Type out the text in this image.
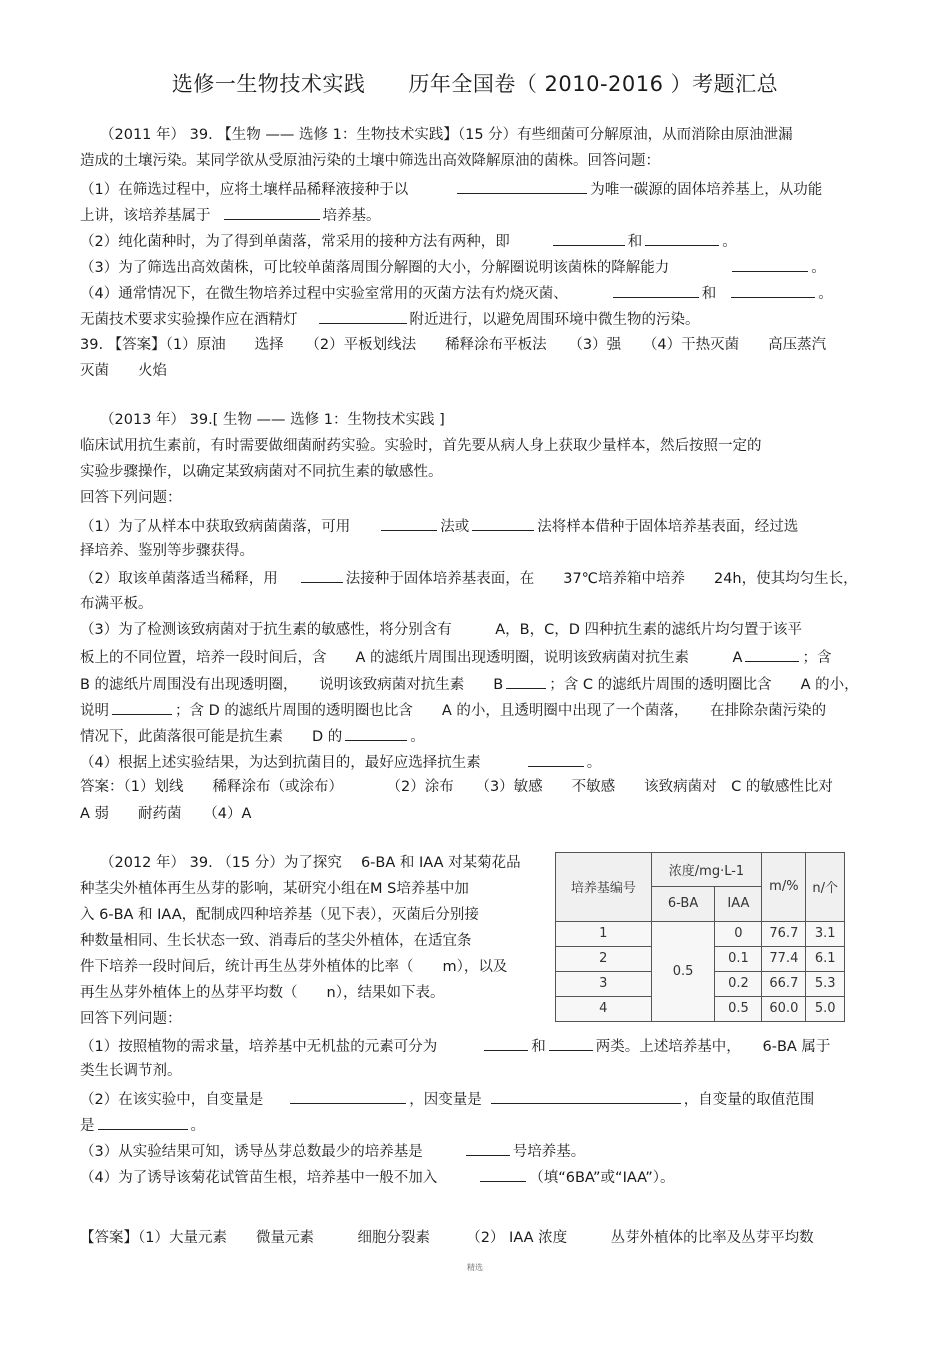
选修一生物技术实践　　历年全国卷（ 2010-2016 ）考题汇总
（2011 年） 39. 【生物 —— 选修 1：生物技术实践】（15 分）有些细菌可分解原油，从而消除由原油泄漏
造成的土壤污染。某同学欲从受原油污染的土壤中筛选出高效降解原油的菌株。回答问题：
（1）在筛选过程中，应将土壤样品稀释液接种于以	为唯一碳源的固体培养基上，从功能
上讲，该培养基属于	培养基。
（2）纯化菌种时，为了得到单菌落，常采用的接种方法有两种，即	和	。
（3）为了筛选出高效菌株，可比较单菌落周围分解圈的大小，分解圈说明该菌株的降解能力	。
（4）通常情况下，在微生物培养过程中实验室常用的灭菌方法有灼烧灭菌、	和	。
无菌技术要求实验操作应在酒精灯	附近进行，以避免周围环境中微生物的污染。
39. 【答案】（1）原油　　选择　　（2）平板划线法　　稀释涂布平板法　　（3）强　　（4）干热灭菌　　高压蒸汽
灭菌　　火焰
（2013 年） 39.[ 生物 —— 选修 1：生物技术实践 ]
临床试用抗生素前，有时需要做细菌耐药实验。实验时，首先要从病人身上获取少量样本，然后按照一定的
实验步骤操作，以确定某致病菌对不同抗生素的敏感性。
回答下列问题：
（1）为了从样本中获取致病菌菌落，可用	法或	法将样本借种于固体培养基表面，经过选
择培养、鉴别等步骤获得。
（2）取该单菌落适当稀释，用	法接种于固体培养基表面，在　　37℃培养箱中培养　　24h，使其均匀生长，
布满平板。
（3）为了检测该致病菌对于抗生素的敏感性，将分别含有　　　A，B，C，D 四种抗生素的滤纸片均匀置于该平
板上的不同位置，培养一段时间后，含　　A 的滤纸片周围出现透明圈，说明该致病菌对抗生素　　　A	；含
B 的滤纸片周围没有出现透明圈，　　说明该致病菌对抗生素　　B	；含 C 的滤纸片周围的透明圈比含　　A 的小，
说明	；含 D 的滤纸片周围的透明圈也比含　　A 的小，且透明圈中出现了一个菌落，　　在排除杂菌污染的
情况下，此菌落很可能是抗生素　　D 的	。
（4）根据上述实验结果，为达到抗菌目的，最好应选择抗生素	。
答案：（1）划线　　稀释涂布（或涂布）　　　　（2）涂布　　（3）敏感　　不敏感　　该致病菌对　C 的敏感性比对
A 弱　　耐药菌　　（4）A
（2012 年） 39. （15 分）为了探究　 6-BA 和 IAA 对某菊花品
种茎尖外植体再生丛芽的影响，某研究小组在M S培养基中加
入 6-BA 和 IAA，配制成四种培养基（见下表），灭菌后分别接
种数量相同、生长状态一致、消毒后的茎尖外植体，在适宜条
件下培养一段时间后，统计再生丛芽外植体的比率（　　m），以及
再生丛芽外植体上的丛芽平均数（　　n），结果如下表。
回答下列问题：
培养基编号	浓度/mg·L-1		m/%	n/个
	6-BA	IAA		
1	0.5	0	76.7	3.1
2		0.1	77.4	6.1
3		0.2	66.7	5.3
4		0.5	60.0	5.0
（1）按照植物的需求量，培养基中无机盐的元素可分为	和	两类。上述培养基中，　　6-BA 属于
类生长调节剂。
（2）在该实验中，自变量是	，因变量是	，自变量的取值范围
是	。
（3）从实验结果可知，诱导丛芽总数最少的培养基是	号培养基。
（4）为了诱导该菊花试管苗生根，培养基中一般不加入	（填“6BA”或“IAA”）。
【答案】（1）大量元素　　微量元素　　　细胞分裂素　　　（2） IAA 浓度　　　丛芽外植体的比率及丛芽平均数
精选
